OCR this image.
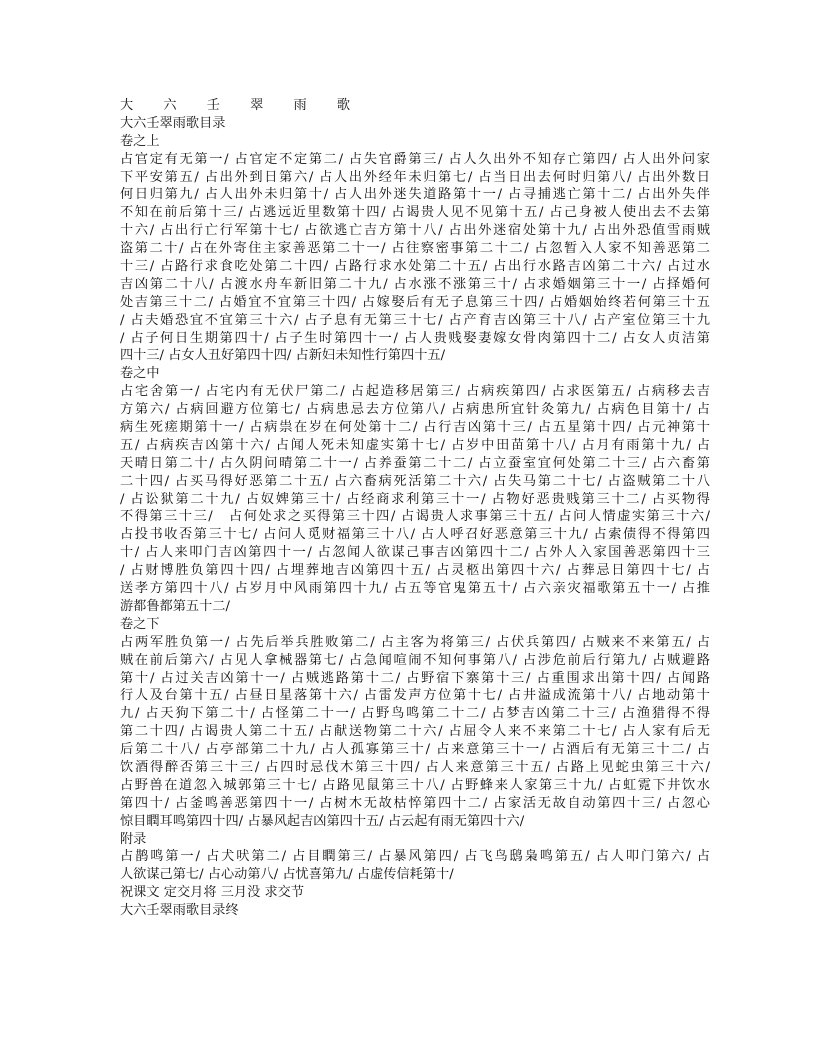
大 六 壬 翠 雨 歌
大六壬翠雨歌目录
卷之上
占官定有无第一/ 占官定不定第二/ 占失官爵第三/ 占人久出外不知存亡第四/ 占人出外问家
下平安第五/ 占出外到日第六/ 占人出外经年未归第七/ 占当日出去何时归第八/ 占出外数日
何日归第九/ 占人出外未归第十/ 占人出外迷失道路第十一/ 占寻捕逃亡第十二/ 占出外失伴
不知在前后第十三/ 占逃远近里数第十四/ 占谒贵人见不见第十五/ 占己身被人使出去不去第
十六/ 占出行亡行军第十七/ 占欲逃亡吉方第十八/ 占出外迷宿处第十九/ 占出外恐值雪雨贼
盗第二十/ 占在外寄住主家善恶第二十一/ 占往察密事第二十二/ 占忽暂入人家不知善恶第二
十三/ 占路行求食吃处第二十四/ 占路行求水处第二十五/ 占出行水路吉凶第二十六/ 占过水
吉凶第二十八/ 占渡水舟车新旧第二十九/ 占水涨不涨第三十/ 占求婚姻第三十一/ 占择婚何
处吉第三十二/ 占婚宜不宜第三十四/ 占嫁娶后有无子息第三十四/ 占婚姻始终若何第三十五
/ 占夫婚恐宜不宜第三十六/ 占子息有无第三十七/ 占产育吉凶第三十八/ 占产室位第三十九
/ 占子何日生期第四十/ 占子生时第四十一/ 占人贵贱娶妻嫁女骨肉第四十二/ 占女人贞洁第
四十三/ 占女人丑好第四十四/ 占新妇未知性行第四十五/
卷之中
占宅舍第一/ 占宅内有无伏尸第二/ 占起造移居第三/ 占病疾第四/ 占求医第五/ 占病移去吉
方第六/ 占病回避方位第七/ 占病患忌去方位第八/ 占病患所宜针灸第九/ 占病色目第十/ 占
病生死瘥期第十一/ 占病祟在岁在何处第十二/ 占行吉凶第十三/ 占五星第十四/ 占元神第十
五/ 占病疾吉凶第十六/ 占闻人死未知虚实第十七/ 占岁中田苗第十八/ 占月有雨第十九/ 占
天晴日第二十/ 占久阴问晴第二十一/ 占养蚕第二十二/ 占立蚕室宜何处第二十三/ 占六畜第
二十四/ 占买马得好恶第二十五/ 占六畜病死活第二十六/ 占失马第二十七/ 占盗贼第二十八
/ 占讼狱第二十九/ 占奴婢第三十/ 占经商求利第三十一/ 占物好恶贵贱第三十二/ 占买物得
不得第三十三/　占何处求之买得第三十四/ 占谒贵人求事第三十五/ 占问人情虚实第三十六/
占投书收否第三十七/ 占问人觅财福第三十八/ 占人呼召好恶意第三十九/ 占索债得不得第四
十/ 占人来叩门吉凶第四十一/ 占忽闻人欲谋己事吉凶第四十二/ 占外人入家国善恶第四十三
/ 占财博胜负第四十四/ 占埋葬地吉凶第四十五/ 占灵柩出第四十六/ 占葬忌日第四十七/ 占
送孝方第四十八/ 占岁月中风雨第四十九/ 占五等官鬼第五十/ 占六亲灾福歌第五十一/ 占推
游都鲁都第五十二/
卷之下
占两军胜负第一/ 占先后举兵胜败第二/ 占主客为将第三/ 占伏兵第四/ 占贼来不来第五/ 占
贼在前后第六/ 占见人拿械器第七/ 占急闻喧闹不知何事第八/ 占涉危前后行第九/ 占贼避路
第十/ 占过关吉凶第十一/ 占贼逃路第十二/ 占野宿下寨第十三/ 占重围求出第十四/ 占闻路
行人及台第十五/ 占昼日星落第十六/ 占雷发声方位第十七/ 占井溢成流第十八/ 占地动第十
九/ 占天狗下第二十/ 占怪第二十一/ 占野鸟鸣第二十二/ 占梦吉凶第二十三/ 占渔猎得不得
第二十四/ 占谒贵人第二十五/ 占献送物第二十六/ 占屈令人来不来第二十七/ 占人家有后无
后第二十八/ 占亭部第二十九/ 占人孤寡第三十/ 占来意第三十一/ 占酒后有无第三十二/ 占
饮酒得醉否第三十三/ 占四时忌伐木第三十四/ 占人来意第三十五/ 占路上见蛇虫第三十六/
占野兽在道忽入城郭第三十七/ 占路见鼠第三十八/ 占野蜂来人家第三十九/ 占虹霓下井饮水
第四十/ 占釜鸣善恶第四十一/ 占树木无故枯悴第四十二/ 占家活无故自动第四十三/ 占忽心
惊目瞤耳鸣第四十四/ 占暴风起吉凶第四十五/ 占云起有雨无第四十六/
附录
占鹊鸣第一/ 占犬吠第二/ 占目瞤第三/ 占暴风第四/ 占飞鸟鸱枭鸣第五/ 占人叩门第六/ 占
人欲谋己第七/ 占心动第八/ 占忧喜第九/ 占虚传信耗第十/
祝课文 定交月将 三月没 求交节
大六壬翠雨歌目录终
